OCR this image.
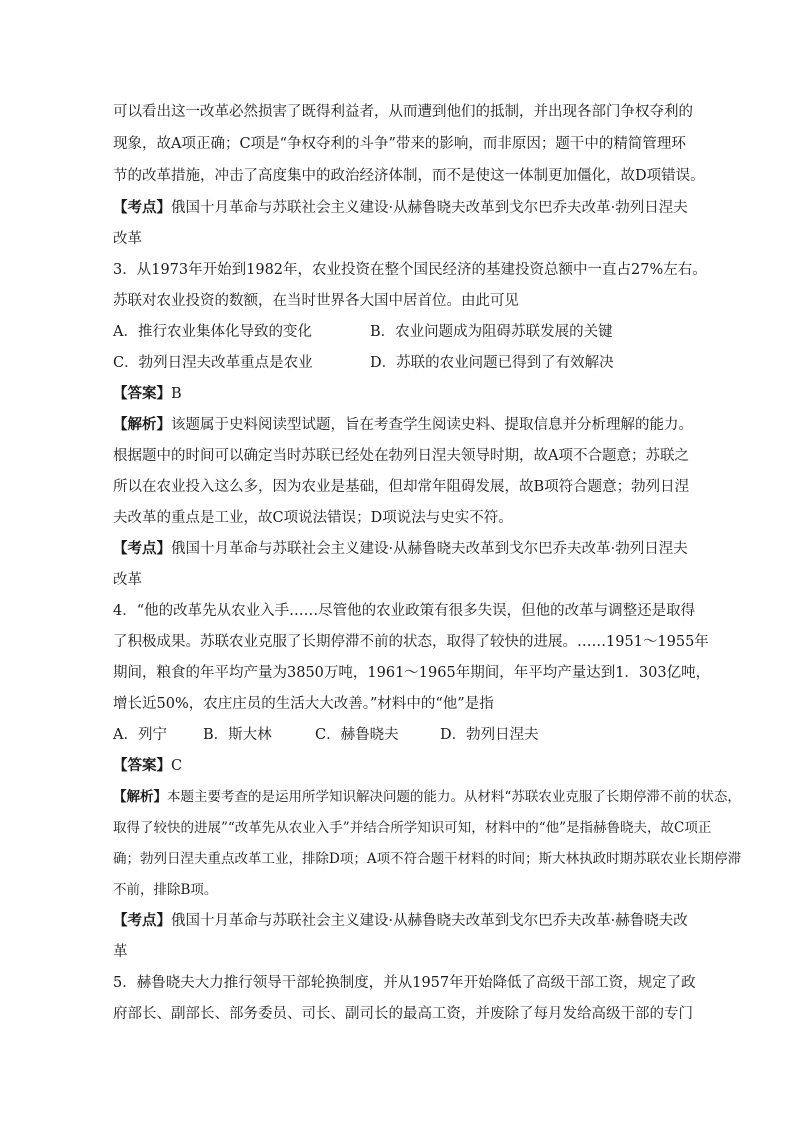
可以看出这一改革必然损害了既得利益者，从而遭到他们的抵制，并出现各部门争权夺利的
现象，故A项正确；C项是“争权夺利的斗争”带来的影响，而非原因；题干中的精简管理环
节的改革措施，冲击了高度集中的政治经济体制，而不是使这一体制更加僵化，故D项错误。
【考点】俄国十月革命与苏联社会主义建设·从赫鲁晓夫改革到戈尔巴乔夫改革·勃列日涅夫
改革
3．从1973年开始到1982年，农业投资在整个国民经济的基建投资总额中一直占27%左右。
苏联对农业投资的数额，在当时世界各大国中居首位。由此可见
A．推行农业集体化导致的变化	B．农业问题成为阻碍苏联发展的关键
C．勃列日涅夫改革重点是农业	D．苏联的农业问题已得到了有效解决
【答案】B
【解析】该题属于史料阅读型试题，旨在考查学生阅读史料、提取信息并分析理解的能力。
根据题中的时间可以确定当时苏联已经处在勃列日涅夫领导时期，故A项不合题意；苏联之
所以在农业投入这么多，因为农业是基础，但却常年阻碍发展，故B项符合题意；勃列日涅
夫改革的重点是工业，故C项说法错误；D项说法与史实不符。
【考点】俄国十月革命与苏联社会主义建设·从赫鲁晓夫改革到戈尔巴乔夫改革·勃列日涅夫
改革
4．“他的改革先从农业入手……尽管他的农业政策有很多失误，但他的改革与调整还是取得
了积极成果。苏联农业克服了长期停滞不前的状态，取得了较快的进展。……1951～1955年
期间，粮食的年平均产量为3850万吨，1961～1965年期间，年平均产量达到1．303亿吨，
增长近50%，农庄庄员的生活大大改善。”材料中的“他”是指
A．列宁 B．斯大林	C．赫鲁晓夫	D．勃列日涅夫
【答案】C
【解析】本题主要考查的是运用所学知识解决问题的能力。从材料“苏联农业克服了长期停滞不前的状态，
取得了较快的进展”“改革先从农业入手”并结合所学知识可知，材料中的“他”是指赫鲁晓夫，故C项正
确；勃列日涅夫重点改革工业，排除D项；A项不符合题干材料的时间；斯大林执政时期苏联农业长期停滞
不前，排除B项。
【考点】俄国十月革命与苏联社会主义建设·从赫鲁晓夫改革到戈尔巴乔夫改革·赫鲁晓夫改
革
5．赫鲁晓夫大力推行领导干部轮换制度，并从1957年开始降低了高级干部工资，规定了政
府部长、副部长、部务委员、司长、副司长的最高工资，并废除了每月发给高级干部的专门
